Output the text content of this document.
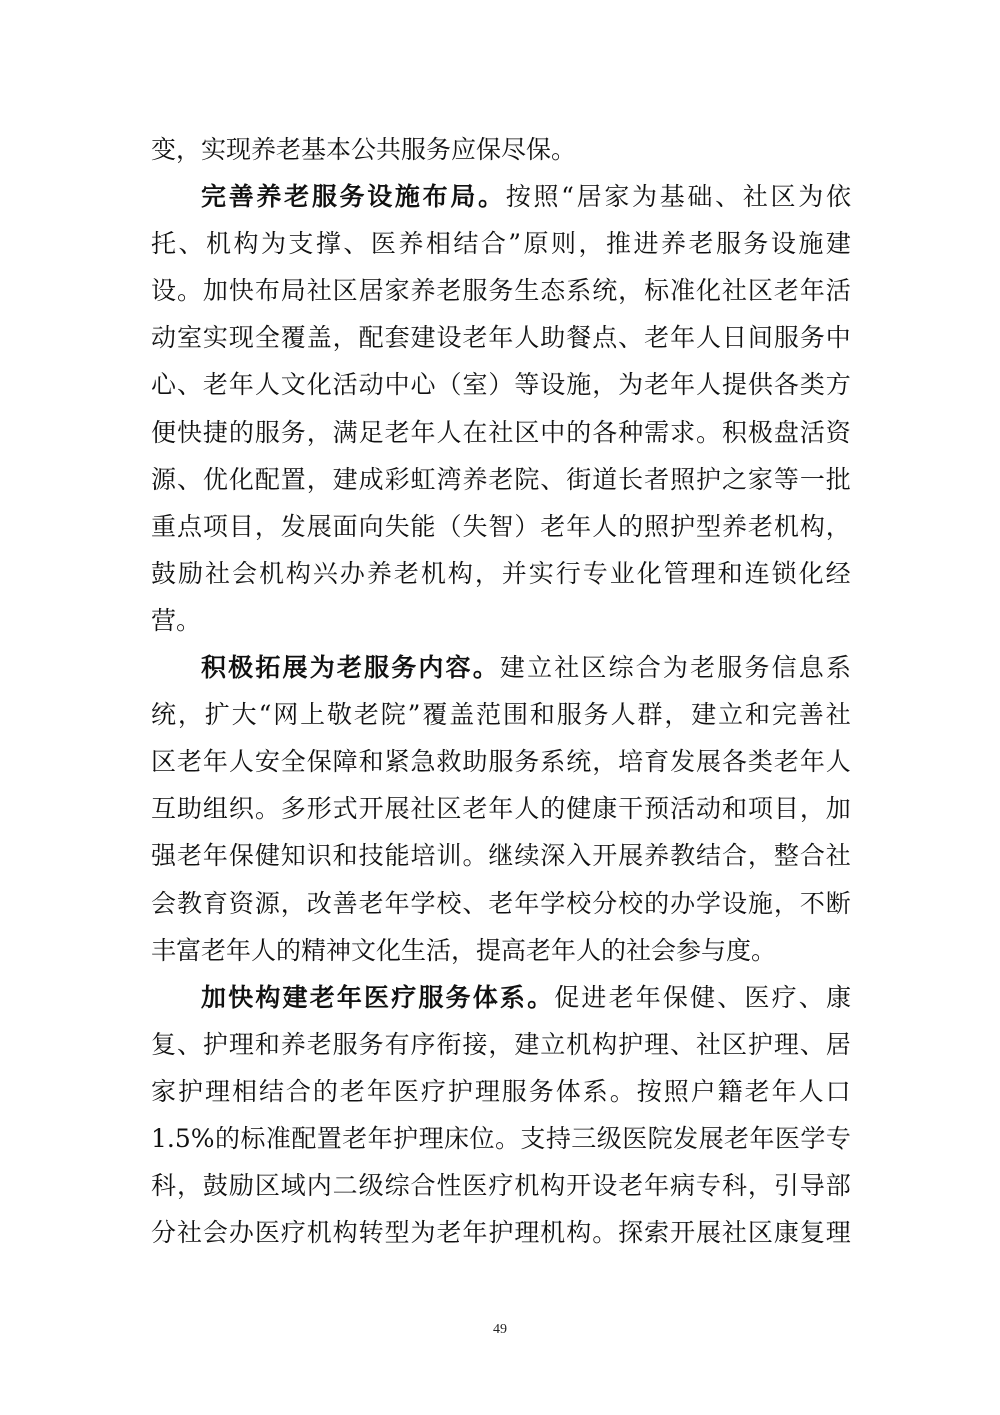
变，实现养老基本公共服务应保尽保。
完 善 养 老 服 务 设 施 布 局 。 按 照 “ 居 家 为 基 础 、 社 区 为 依
托 、 机 构 为 支 撑 、 医 养 相 结 合 ” 原 则 ， 推 进 养 老 服 务 设 施 建
设 。 加 快 布 局 社 区 居 家 养 老 服 务 生 态 系 统 ， 标 准 化 社 区 老 年 活
动 室 实 现 全 覆 盖 ， 配 套 建 设 老 年 人 助 餐 点 、 老 年 人 日 间 服 务 中
心 、 老 年 人 文 化 活 动 中 心 （ 室 ） 等 设 施 ， 为 老 年 人 提 供 各 类 方
便 快 捷 的 服 务 ， 满 足 老 年 人 在 社 区 中 的 各 种 需 求 。 积 极 盘 活 资
源 、 优 化 配 置 ， 建 成 彩 虹 湾 养 老 院 、 街 道 长 者 照 护 之 家 等 一 批
重 点 项 目 ， 发 展 面 向 失 能 （ 失 智 ） 老 年 人 的 照 护 型 养 老 机 构 ，
鼓 励 社 会 机 构 兴 办 养 老 机 构 ， 并 实 行 专 业 化 管 理 和 连 锁 化 经
营。
积 极 拓 展 为 老 服 务 内 容 。 建 立 社 区 综 合 为 老 服 务 信 息 系
统 ， 扩 大 “ 网 上 敬 老 院 ” 覆 盖 范 围 和 服 务 人 群 ， 建 立 和 完 善 社
区 老 年 人 安 全 保 障 和 紧 急 救 助 服 务 系 统 ， 培 育 发 展 各 类 老 年 人
互 助 组 织 。 多 形 式 开 展 社 区 老 年 人 的 健 康 干 预 活 动 和 项 目 ， 加
强 老 年 保 健 知 识 和 技 能 培 训 。 继 续 深 入 开 展 养 教 结 合 ， 整 合 社
会 教 育 资 源 ， 改 善 老 年 学 校 、 老 年 学 校 分 校 的 办 学 设 施 ， 不 断
丰富老年人的精神文化生活，提高老年人的社会参与度。
加 快 构 建 老 年 医 疗 服 务 体 系 。 促 进 老 年 保 健 、 医 疗 、 康
复 、 护 理 和 养 老 服 务 有 序 衔 接 ， 建 立 机 构 护 理 、 社 区 护 理 、 居
家 护 理 相 结 合 的 老 年 医 疗 护 理 服 务 体 系 。 按 照 户 籍 老 年 人 口
1.5% 的 标 准 配 置 老 年 护 理 床 位 。 支 持 三 级 医 院 发 展 老 年 医 学 专
科 ， 鼓 励 区 域 内 二 级 综 合 性 医 疗 机 构 开 设 老 年 病 专 科 ， 引 导 部
分 社 会 办 医 疗 机 构 转 型 为 老 年 护 理 机 构 。 探 索 开 展 社 区 康 复 理
49
